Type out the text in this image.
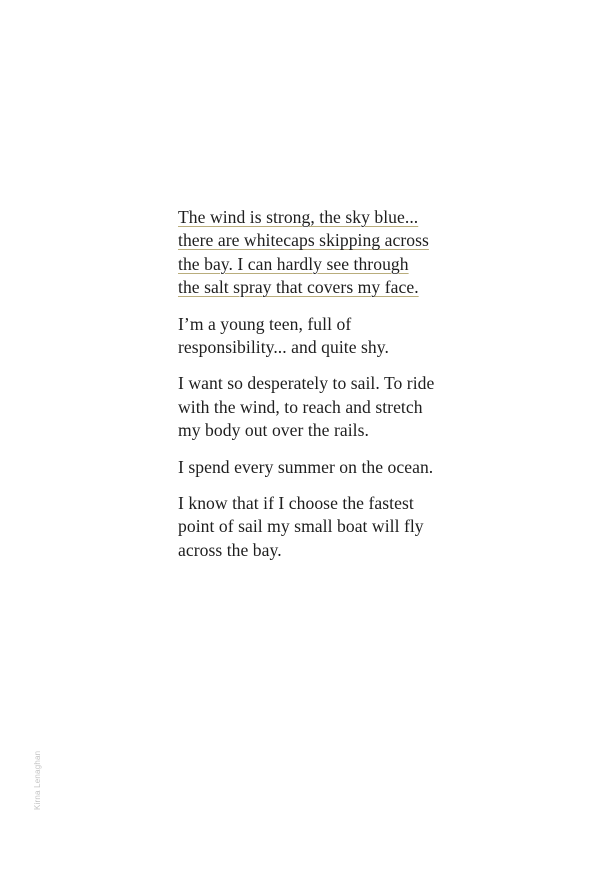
The wind is strong, the sky blue...
there are whitecaps skipping across
the bay. I can hardly see through
the salt spray that covers my face.
I’m a young teen, full of
responsibility... and quite shy.
I want so desperately to sail. To ride
with the wind, to reach and stretch
my body out over the rails.
I spend every summer on the ocean.
I know that if I choose the fastest
point of sail my small boat will fly
across the bay.
Kirna Lenaghan
